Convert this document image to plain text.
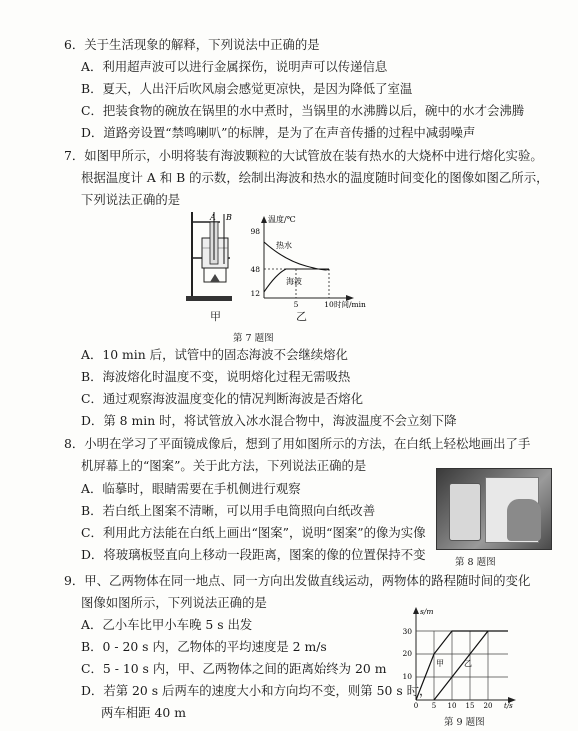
6．关于生活现象的解释，下列说法中正确的是
A．利用超声波可以进行金属探伤，说明声可以传递信息
B．夏天，人出汗后吹风扇会感觉更凉快，是因为降低了室温
C．把装食物的碗放在锅里的水中煮时，当锅里的水沸腾以后，碗中的水才会沸腾
D．道路旁设置“禁鸣喇叭”的标牌，是为了在声音传播的过程中减弱噪声
7．如图甲所示，小明将装有海波颗粒的大试管放在装有热水的大烧杯中进行熔化实验。
根据温度计 A 和 B 的示数，绘制出海波和热水的温度随时间变化的图像如图乙所示，
下列说法正确的是
A B
甲
98
48
12
温度/℃
热水
海波
5	10 时间/min
乙
第 7 题图
A．10 min 后，试管中的固态海波不会继续熔化
B．海波熔化时温度不变，说明熔化过程无需吸热
C．通过观察海波温度变化的情况判断海波是否熔化
D．第 8 min 时，将试管放入冰水混合物中，海波温度不会立刻下降
8．小明在学习了平面镜成像后，想到了用如图所示的方法，在白纸上轻松地画出了手
机屏幕上的“图案”。关于此方法，下列说法正确的是
A．临摹时，眼睛需要在手机侧进行观察
B．若白纸上图案不清晰，可以用手电筒照向白纸改善
C．利用此方法能在白纸上画出“图案”，说明“图案”的像为实像
D．将玻璃板竖直向上移动一段距离，图案的像的位置保持不变
第 8 题图
9．甲、乙两物体在同一地点、同一方向出发做直线运动，两物体的路程随时间的变化
图像如图所示，下列说法正确的是
A．乙小车比甲小车晚 5 s 出发
B．0 - 20 s 内，乙物体的平均速度是 2 m/s
C．5 - 10 s 内，甲、乙两物体之间的距离始终为 20 m
D．若第 20 s 后两车的速度大小和方向均不变，则第 50 s 时，
两车相距 40 m
s/m
30
20
10
甲	乙
0 5 10 15 20 t/s
第 9 题图
